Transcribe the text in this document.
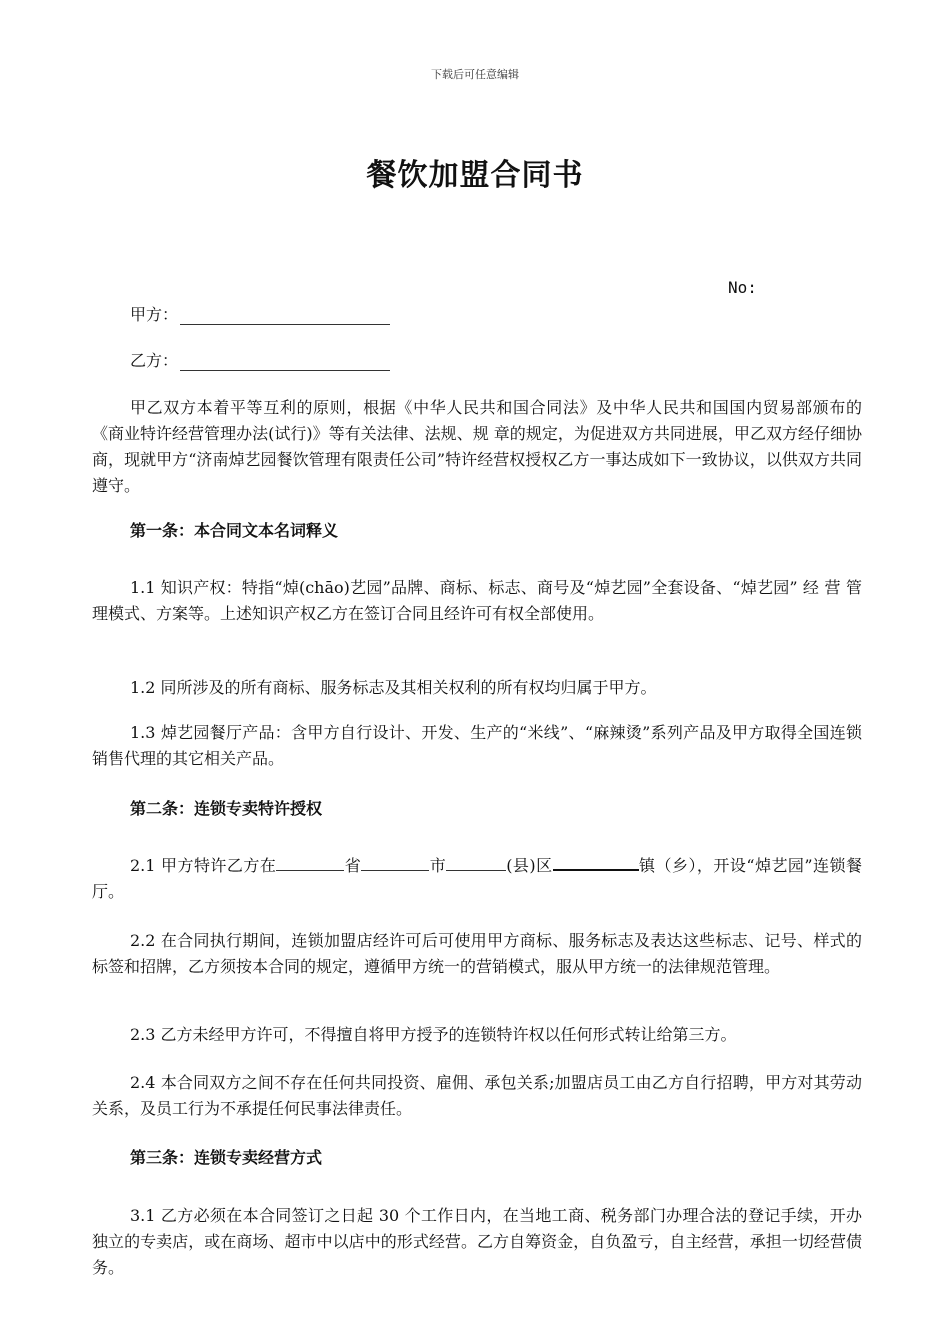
下载后可任意编辑
餐饮加盟合同书
No:
甲方：
乙方：

甲乙双方本着平等互利的原则，根据《中华人民共和国合同法》及中华人民共和国国内贸易部颁布的《商业特许经营管理办法(试行)》等有关法律、法规、规 章的规定，为促进双方共同进展，甲乙双方经仔细协商，现就甲方“济南焯艺园餐饮管理有限责任公司”特许经营权授权乙方一事达成如下一致协议，以供双方共同遵守。

第一条：本合同文本名词释义

1.1 知识产权：特指“焯(chāo)艺园”品牌、商标、标志、商号及“焯艺园”全套设备、“焯艺园” 经 营 管理模式、方案等。上述知识产权乙方在签订合同且经许可有权全部使用。

1.2 同所涉及的所有商标、服务标志及其相关权利的所有权均归属于甲方。

1.3 焯艺园餐厅产品：含甲方自行设计、开发、生产的“米线”、“麻辣烫”系列产品及甲方取得全国连锁销售代理的其它相关产品。

第二条：连锁专卖特许授权

2.1 甲方特许乙方在	省	市	(县)区	镇（乡），开设“焯艺园”连锁餐厅。

2.2 在合同执行期间，连锁加盟店经许可后可使用甲方商标、服务标志及表达这些标志、记号、样式的标签和招牌，乙方须按本合同的规定，遵循甲方统一的营销模式，服从甲方统一的法律规范管理。

2.3 乙方未经甲方许可，不得擅自将甲方授予的连锁特许权以任何形式转让给第三方。

2.4 本合同双方之间不存在任何共同投资、雇佣、承包关系;加盟店员工由乙方自行招聘，甲方对其劳动关系，及员工行为不承提任何民事法律责任。

第三条：连锁专卖经营方式

3.1 乙方必须在本合同签订之日起 30 个工作日内，在当地工商、税务部门办理合法的登记手续，开办独立的专卖店，或在商场、超市中以店中的形式经营。乙方自筹资金，自负盈亏，自主经营，承担一切经营债务。
